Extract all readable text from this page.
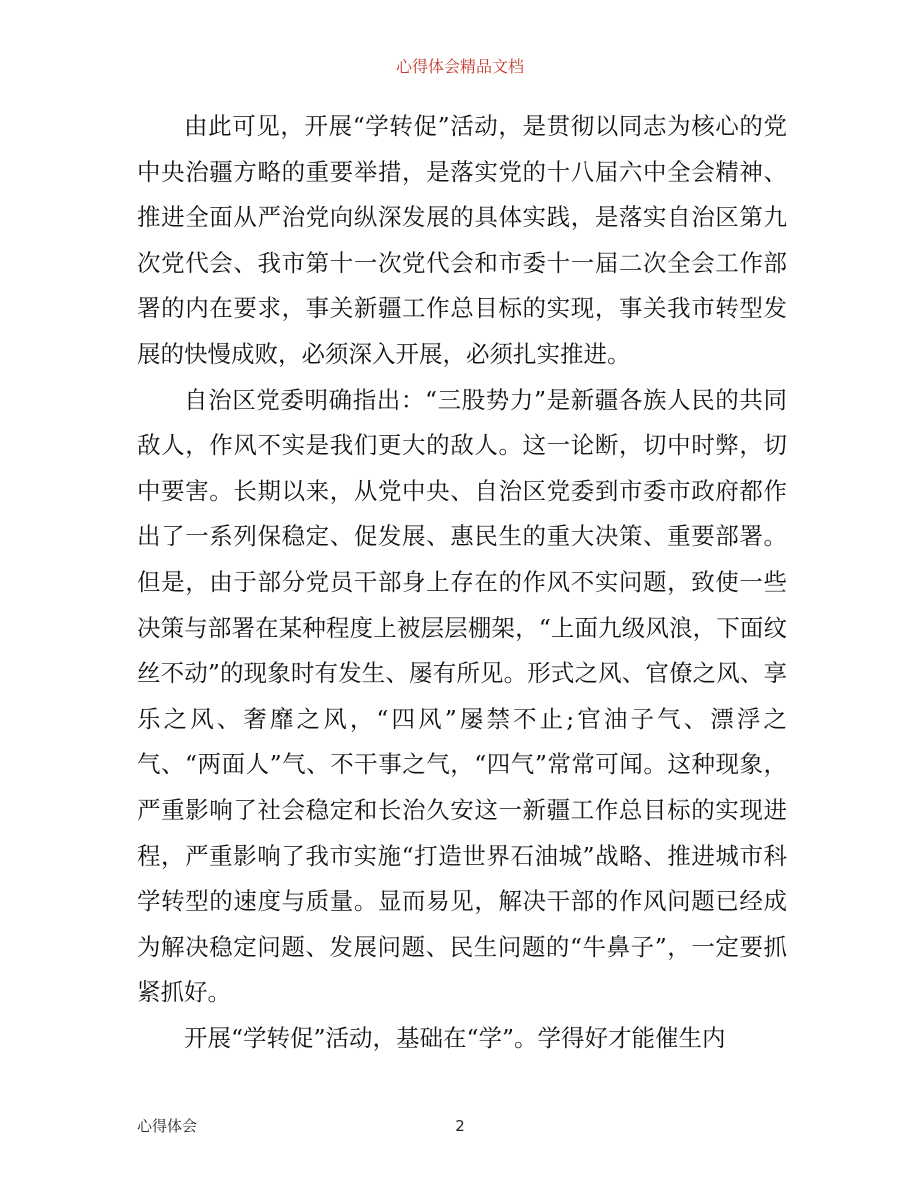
心得体会精品文档

由此可见，开展“学转促”活动，是贯彻以同志为核心的党中央治疆方略的重要举措，是落实党的十八届六中全会精神、推进全面从严治党向纵深发展的具体实践，是落实自治区第九次党代会、我市第十一次党代会和市委十一届二次全会工作部署的内在要求，事关新疆工作总目标的实现，事关我市转型发展的快慢成败，必须深入开展，必须扎实推进。

自治区党委明确指出：“三股势力”是新疆各族人民的共同敌人，作风不实是我们更大的敌人。这一论断，切中时弊，切中要害。长期以来，从党中央、自治区党委到市委市政府都作出了一系列保稳定、促发展、惠民生的重大决策、重要部署。但是，由于部分党员干部身上存在的作风不实问题，致使一些决策与部署在某种程度上被层层棚架，“上面九级风浪，下面纹丝不动”的现象时有发生、屡有所见。形式之风、官僚之风、享乐之风、奢靡之风，“四风”屡禁不止;官油子气、漂浮之气、“两面人”气、不干事之气，“四气”常常可闻。这种现象，严重影响了社会稳定和长治久安这一新疆工作总目标的实现进程，严重影响了我市实施“打造世界石油城”战略、推进城市科学转型的速度与质量。显而易见，解决干部的作风问题已经成为解决稳定问题、发展问题、民生问题的“牛鼻子”，一定要抓紧抓好。

开展“学转促”活动，基础在“学”。学得好才能催生内

心得体会	2
